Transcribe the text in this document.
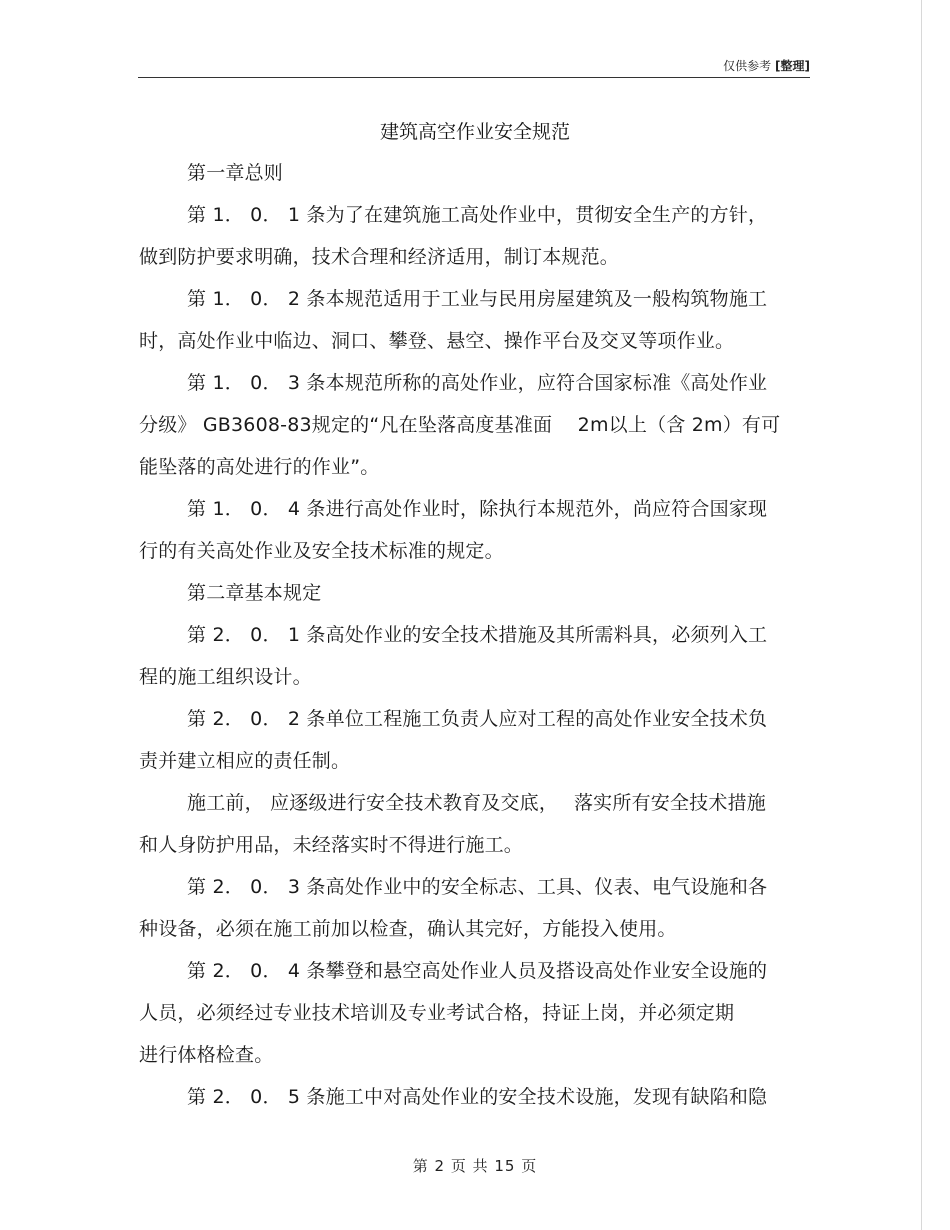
仅供参考 [整理]
建筑高空作业安全规范
第一章总则
第 1． 0． 1 条为了在建筑施工高处作业中，贯彻安全生产的方针，
做到防护要求明确，技术合理和经济适用，制订本规范。
第 1． 0． 2 条本规范适用于工业与民用房屋建筑及一般构筑物施工
时，高处作业中临边、洞口、攀登、悬空、操作平台及交叉等项作业。
第 1． 0． 3 条本规范所称的高处作业，应符合国家标准《高处作业
分级》 GB3608-83规定的“凡在坠落高度基准面　 2m以上（含 2m）有可
能坠落的高处进行的作业”。
第 1． 0． 4 条进行高处作业时，除执行本规范外，尚应符合国家现
行的有关高处作业及安全技术标准的规定。
第二章基本规定
第 2． 0． 1 条高处作业的安全技术措施及其所需料具，必须列入工
程的施工组织设计。
第 2． 0． 2 条单位工程施工负责人应对工程的高处作业安全技术负
责并建立相应的责任制。
施工前， 应逐级进行安全技术教育及交底，　 落实所有安全技术措施
和人身防护用品，未经落实时不得进行施工。
第 2． 0． 3 条高处作业中的安全标志、工具、仪表、电气设施和各
种设备，必须在施工前加以检查，确认其完好，方能投入使用。
第 2． 0． 4 条攀登和悬空高处作业人员及搭设高处作业安全设施的
人员，必须经过专业技术培训及专业考试合格，持证上岗，并必须定期
进行体格检查。
第 2． 0． 5 条施工中对高处作业的安全技术设施，发现有缺陷和隐
第 2 页 共 15 页
